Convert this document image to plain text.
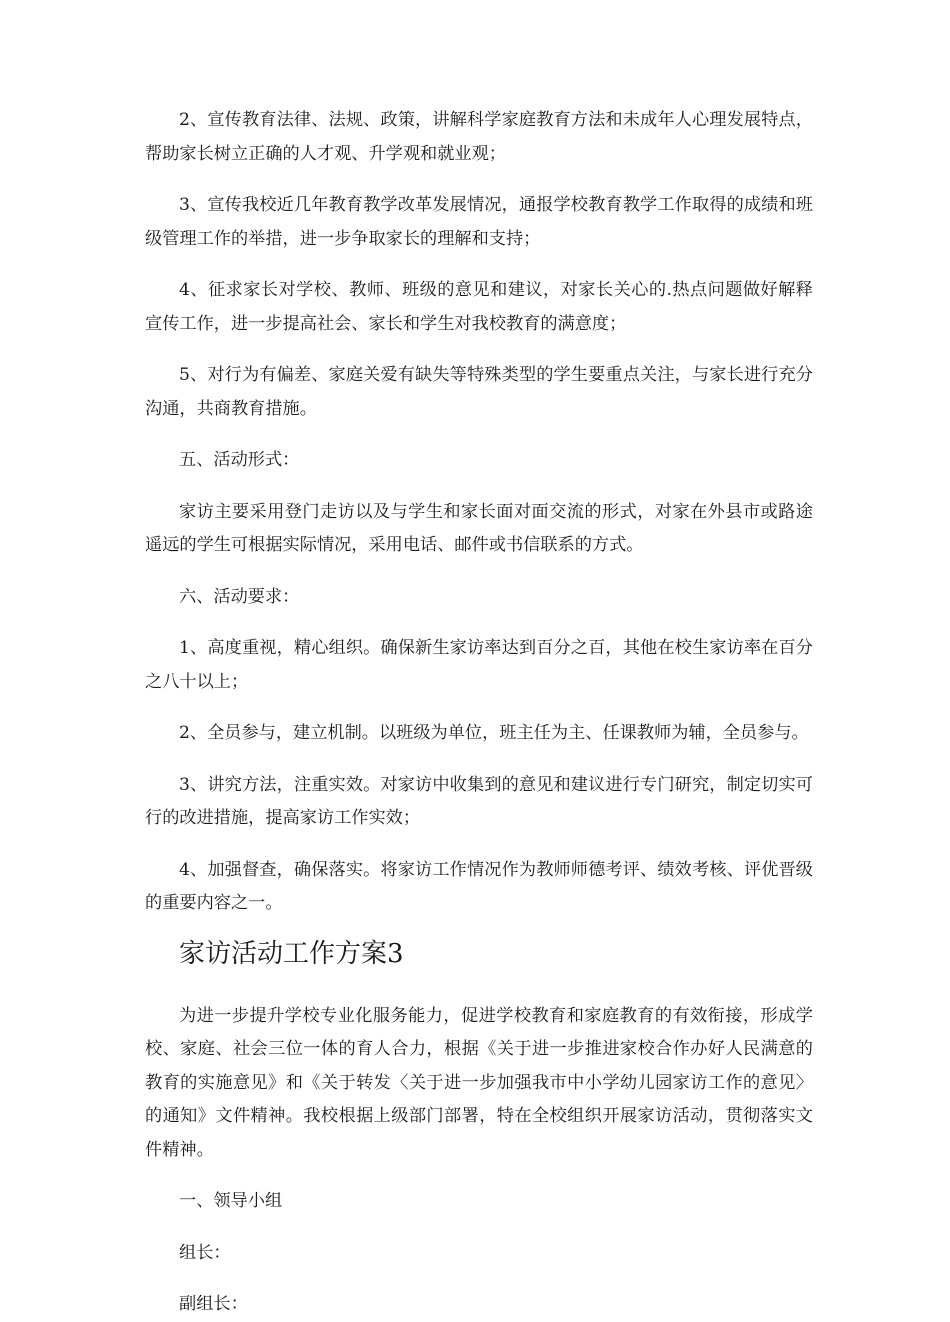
2、宣传教育法律、法规、政策，讲解科学家庭教育方法和未成年人心理发展特点，帮助家长树立正确的人才观、升学观和就业观；

3、宣传我校近几年教育教学改革发展情况，通报学校教育教学工作取得的成绩和班级管理工作的举措，进一步争取家长的理解和支持；

4、征求家长对学校、教师、班级的意见和建议，对家长关心的.热点问题做好解释宣传工作，进一步提高社会、家长和学生对我校教育的满意度；

5、对行为有偏差、家庭关爱有缺失等特殊类型的学生要重点关注，与家长进行充分沟通，共商教育措施。

五、活动形式：

家访主要采用登门走访以及与学生和家长面对面交流的形式，对家在外县市或路途遥远的学生可根据实际情况，采用电话、邮件或书信联系的方式。

六、活动要求：

1、高度重视，精心组织。确保新生家访率达到百分之百，其他在校生家访率在百分之八十以上；

2、全员参与，建立机制。以班级为单位，班主任为主、任课教师为辅，全员参与。

3、讲究方法，注重实效。对家访中收集到的意见和建议进行专门研究，制定切实可行的改进措施，提高家访工作实效；

4、加强督查，确保落实。将家访工作情况作为教师师德考评、绩效考核、评优晋级的重要内容之一。

家访活动工作方案3

为进一步提升学校专业化服务能力，促进学校教育和家庭教育的有效衔接，形成学校、家庭、社会三位一体的育人合力，根据《关于进一步推进家校合作办好人民满意的教育的实施意见》和《关于转发〈关于进一步加强我市中小学幼儿园家访工作的意见〉的通知》文件精神。我校根据上级部门部署，特在全校组织开展家访活动，贯彻落实文件精神。

一、领导小组

组长：

副组长：
